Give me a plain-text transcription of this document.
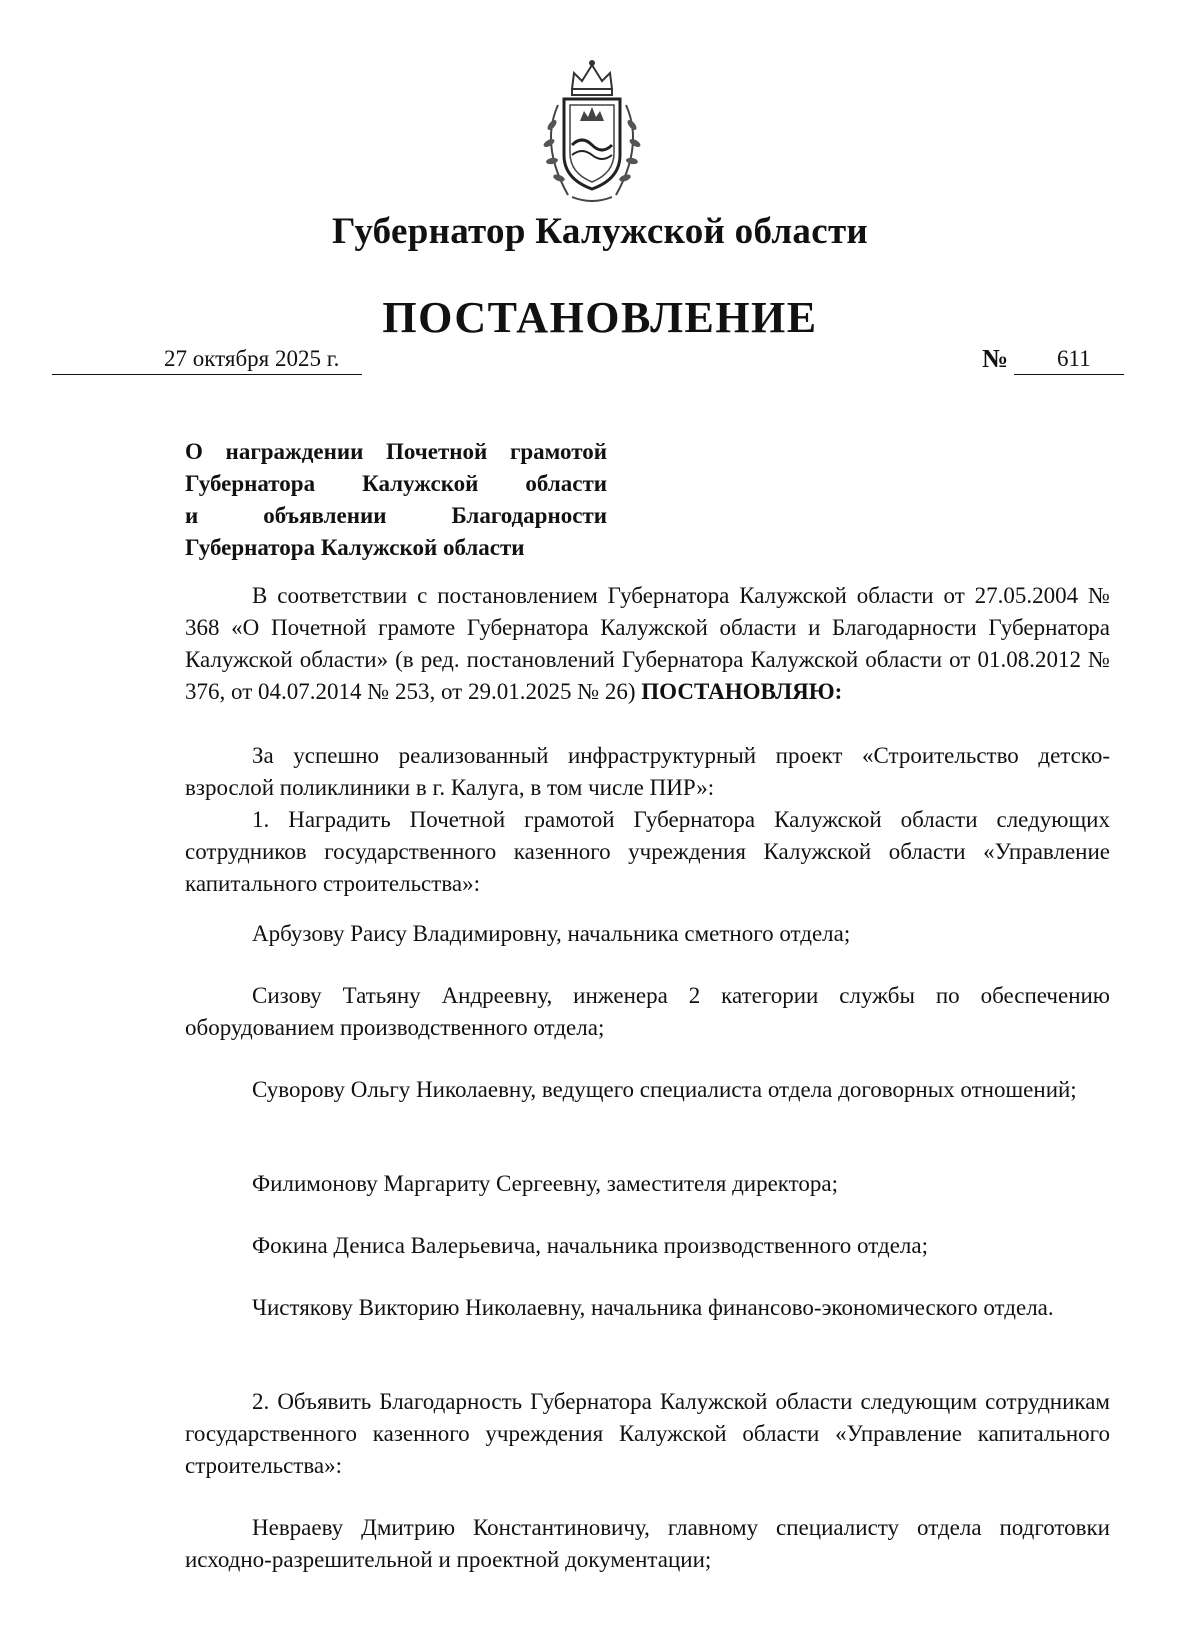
Губернатор Калужской области
ПОСТАНОВЛЕНИЕ
27 октября 2025 г.	№ 611
О награждении Почетной грамотой
Губернатора Калужской области
и объявлении Благодарности
Губернатора Калужской области
В соответствии с постановлением Губернатора Калужской области от 27.05.2004 № 368 «О Почетной грамоте Губернатора Калужской области и Благодарности Губернатора Калужской области» (в ред. постановлений Губернатора Калужской области от 01.08.2012 № 376, от 04.07.2014 № 253, от 29.01.2025 № 26) ПОСТАНОВЛЯЮ:
За успешно реализованный инфраструктурный проект «Строительство детско-взрослой поликлиники в г. Калуга, в том числе ПИР»:
1. Наградить Почетной грамотой Губернатора Калужской области следующих сотрудников государственного казенного учреждения Калужской области «Управление капитального строительства»:
Арбузову Раису Владимировну, начальника сметного отдела;
Сизову Татьяну Андреевну, инженера 2 категории службы по обеспечению оборудованием производственного отдела;
Суворову Ольгу Николаевну, ведущего специалиста отдела договорных отношений;
Филимонову Маргариту Сергеевну, заместителя директора;
Фокина Дениса Валерьевича, начальника производственного отдела;
Чистякову Викторию Николаевну, начальника финансово-экономического отдела.
2. Объявить Благодарность Губернатора Калужской области следующим сотрудникам государственного казенного учреждения Калужской области «Управление капитального строительства»:
Невраеву Дмитрию Константиновичу, главному специалисту отдела подготовки исходно-разрешительной и проектной документации;
